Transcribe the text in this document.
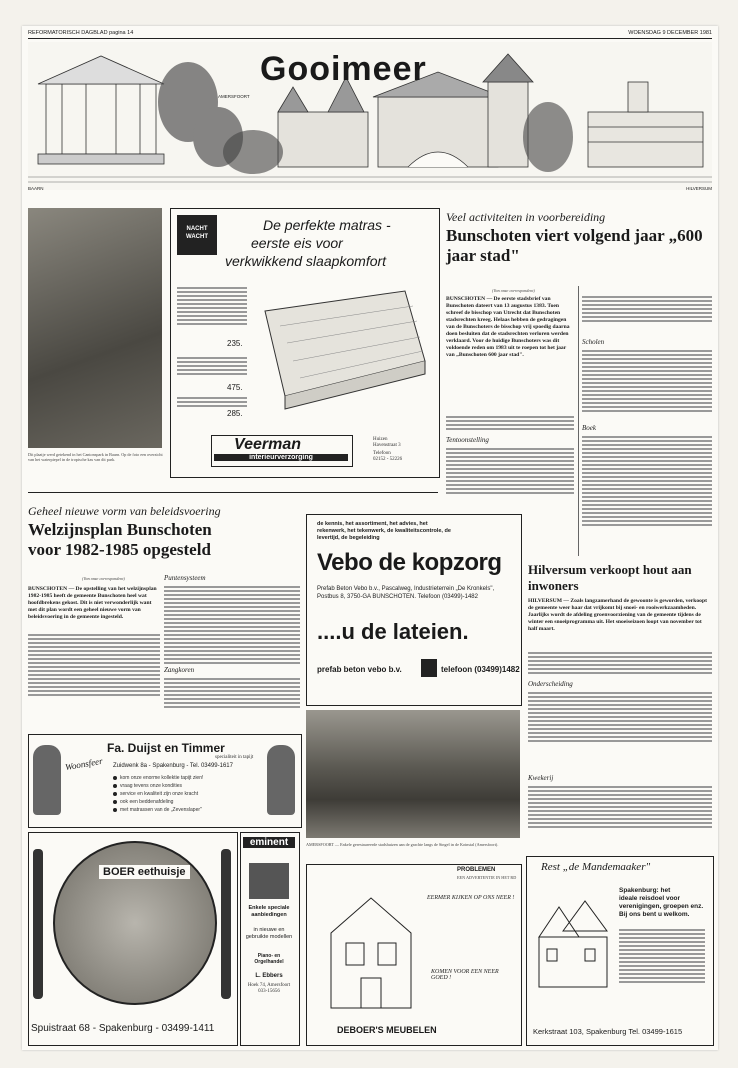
REFORMATORISCH DAGBLAD pagina 14	WOENSDAG 9 DECEMBER 1981
Gooimeer
AMERSFOORT
BAARN	HILVERSUM
Dit plaatje werd getekend in het Cantonspark in Baarn. Op de foto een overzicht van het waterpiepel in de tropische kas van dit park.
NACHT WACHT
De perfekte matras -
eerste eis voor
verkwikkend slaapkomfort
235.
475.
285.
Veerman
interieurverzorging
Huizen
Havenstraat 3
Telefoon
02152 - 52226
Veel activiteiten in voorbereiding
Bunschoten viert volgend jaar „600 jaar stad"
(Van onze correspondent)
BUNSCHOTEN — De eerste stadsbrief van Bunschoten dateert van 13 augustus 1383. Toen schreef de bisschop van Utrecht dat Bunschoten stadsrechten kreeg. Helaas hebben de gedragingen van de Bunschoters de bisschop vrij spoedig daarna doen besluiten dat de stadsrechten verloren werden verklaard. Voor de huidige Bunschoters was dit voldoende reden om 1983 uit te roepen tot het jaar van „Bunschoten 600 jaar stad".
Tentoonstelling
Scholen
Boek
Geheel nieuwe vorm van beleidsvoering
Welzijnsplan Bunschoten
voor 1982-1985 opgesteld
(Van onze correspondent)
BUNSCHOTEN — De opstelling van het welzijnsplan 1982-1985 heeft de gemeente Bunschoten heel wat hoofdbrekens gekost. Dit is niet verwonderlijk want met dit plan wordt een geheel nieuwe vorm van beleidsvoering in de gemeente ingesteld.
Puntensysteem
Zangkoren
de kennis, het assortiment, het advies, het rekenwerk, het tekenwerk, de kwaliteitscontrole, de levertijd, de begeleiding
Vebo de kopzorg
Prefab Beton Vebo b.v., Pascalweg, Industrieterrein „De Kronkels", Postbus 8, 3750-GA BUNSCHOTEN. Telefoon (03499)-1482
....u de lateien.
prefab beton vebo b.v.	telefoon (03499)1482
Hilversum verkoopt hout aan inwoners
HILVERSUM — Zoals langzamerhand de gewoonte is geworden, verkoopt de gemeente weer haar dat vrijkomt bij snoei- en rooiwerkzaamheden. Jaarlijks wordt de afdeling groenvoorziening van de gemeente tijdens de winter een snoeiprogramma uit. Het snoeiseizoen loopt van november tot half maart.
Onderscheiding
Kwekerij
Fa. Duijst en Timmer
specialiteit in tapijt
Woonsfeer Zuidwenk 8a - Spakenburg - Tel. 03499-1617
kom onze enorme kollektie tapijt zien!
vraag tevens onze kondities
service en kwaliteit zijn onze kracht
ook een beddenafdeling
met matrassen van de „Zevenslaper"
AMERSFOORT — Enkele gerestaureerde stadshuizen aan de grachte langs de Singel in de Koinstal (Amersfoort).
BOER eethuisje
Spuistraat 68 - Spakenburg - 03499-1411
eminent
Enkele speciale aanbiedingen
in nieuwe en gebruikte modellen
Piano- en Orgelhandel
L. Ebbers
Hoek 74, Amersfoort 033-15656
PROBLEMEN
EEN ADVERTENTIE IN HET RD
EERMER KIJKEN OP ONS NEER !
KOMEN VOOR EEN NEER GOED !
DEBOER'S MEUBELEN
Rest „de Mandemaaker"
Spakenburg: het
ideale reisdoel voor
verenigingen, groepen enz.
Bij ons bent u welkom.
Kerkstraat 103, Spakenburg Tel. 03499-1615
